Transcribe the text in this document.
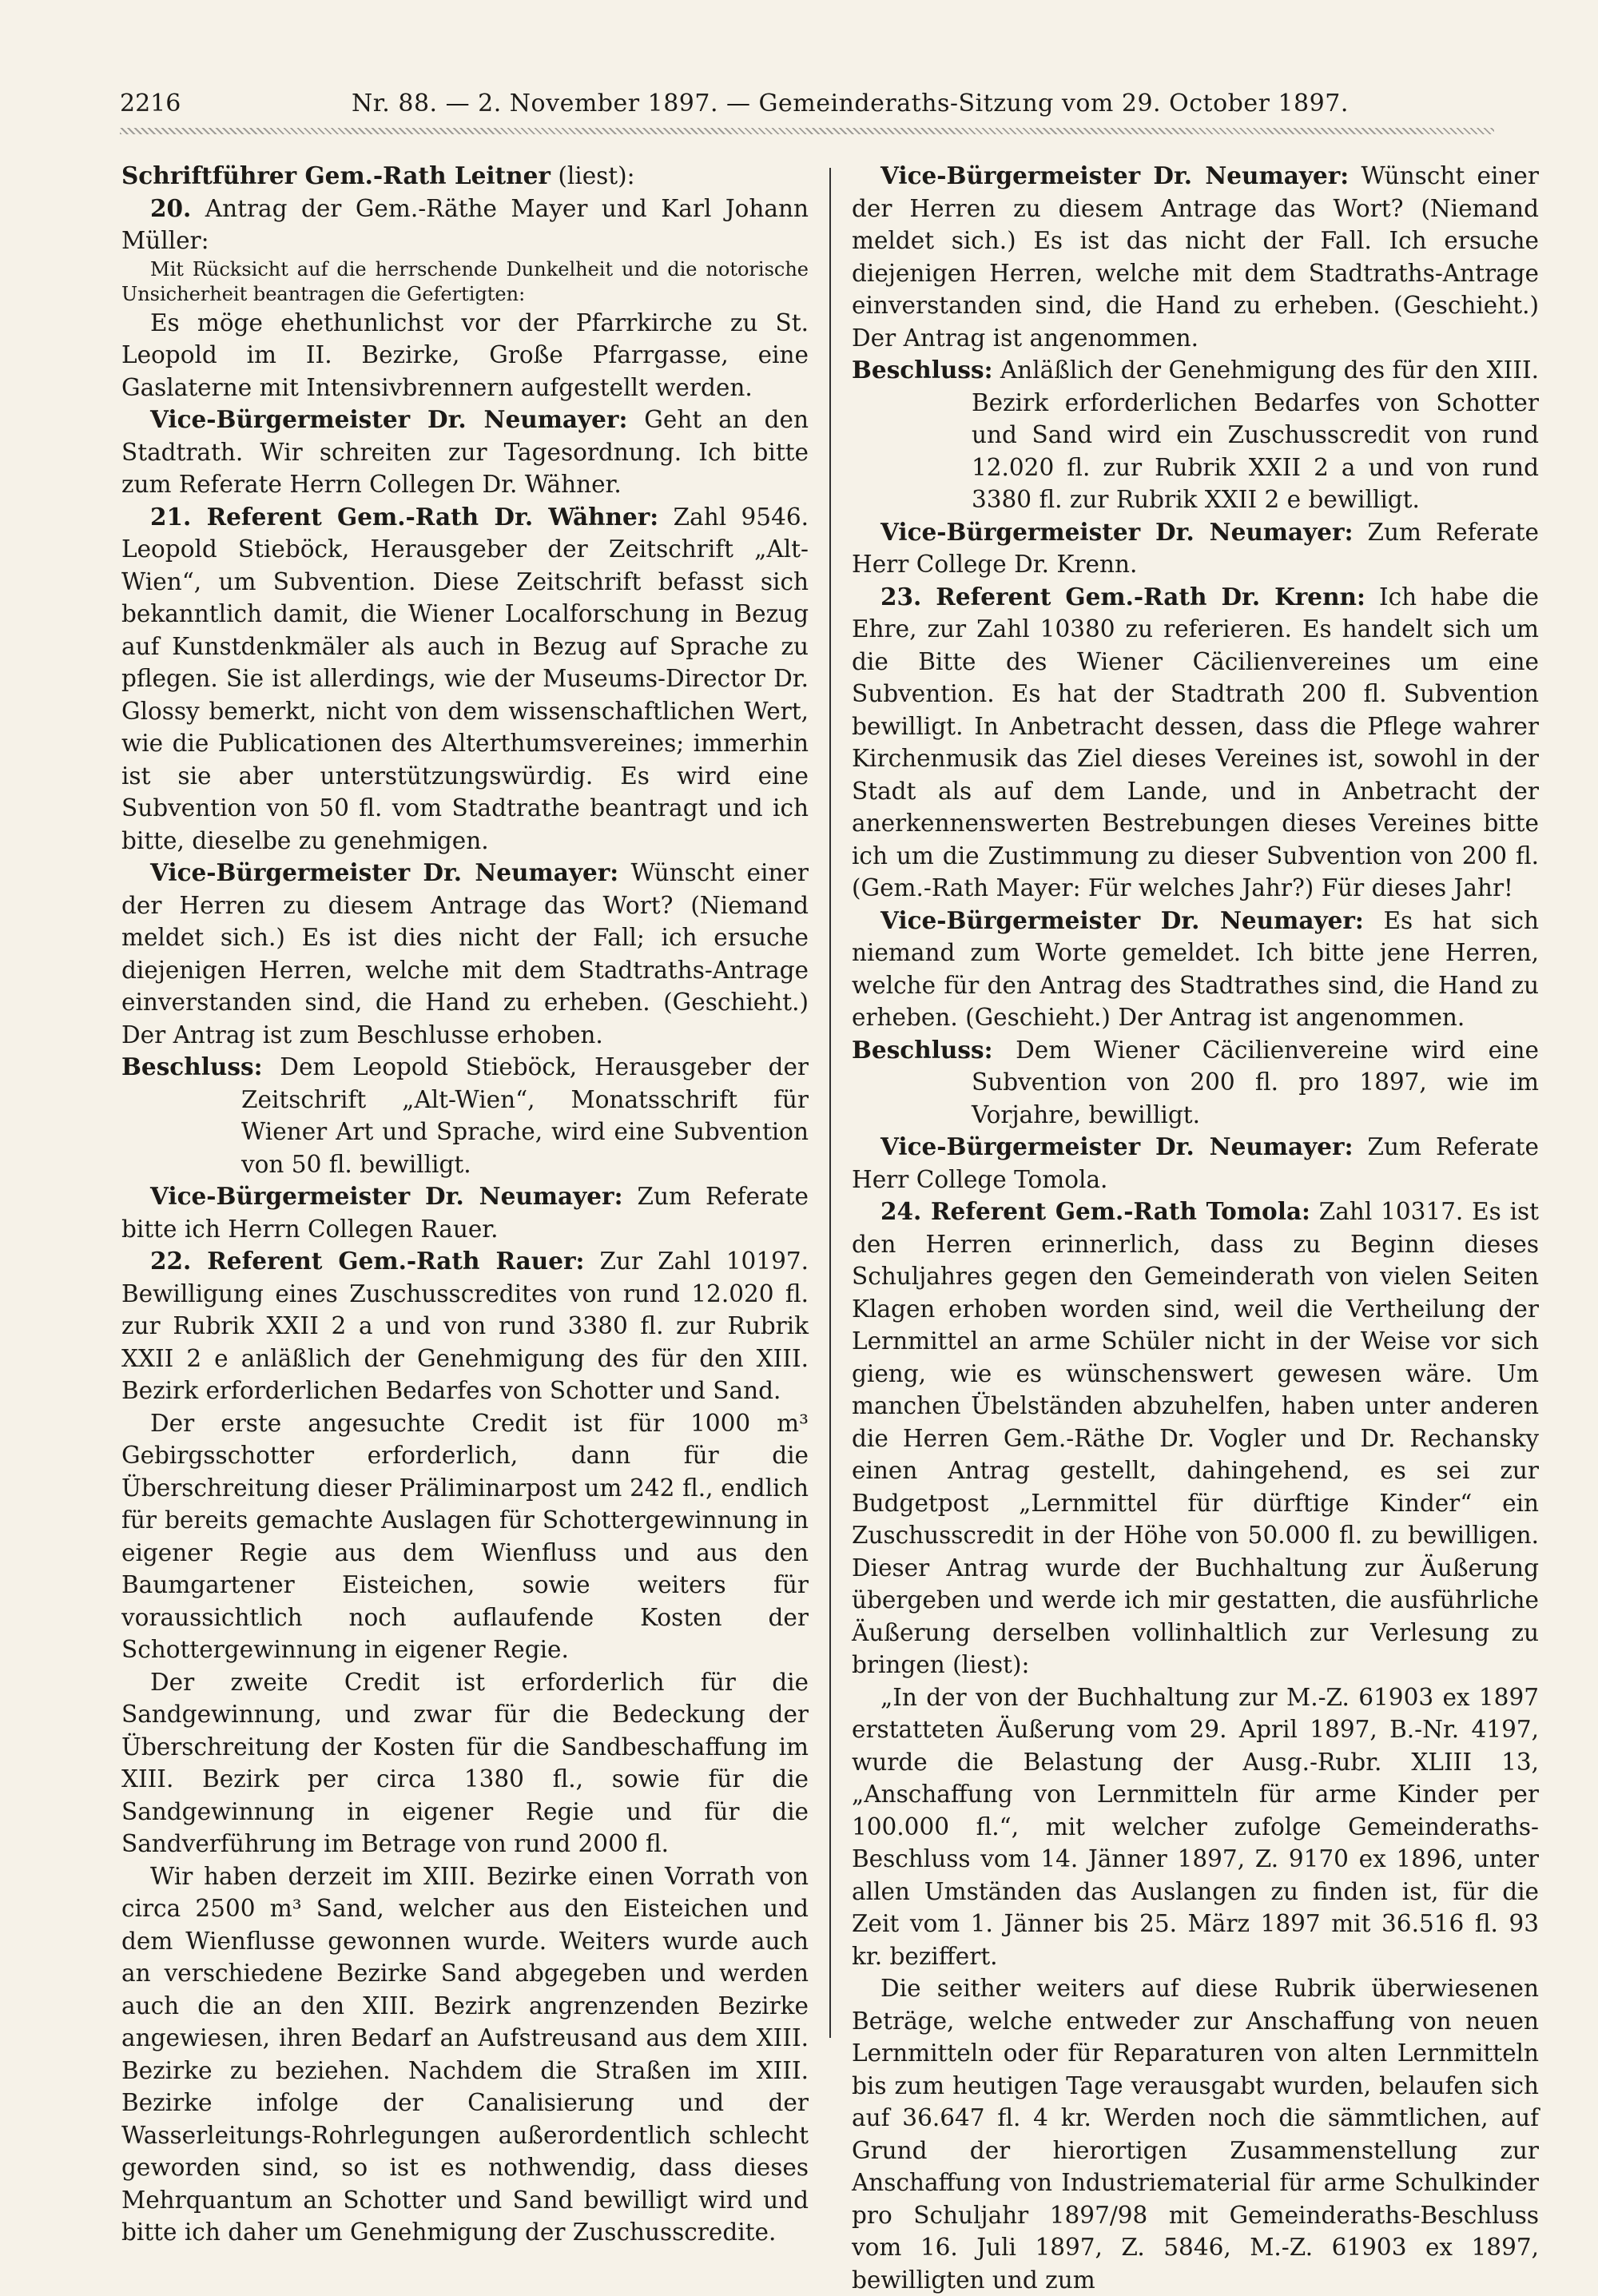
2216	Nr. 88. — 2. November 1897. — Gemeinderaths-Sitzung vom 29. October 1897.

Schriftführer Gem.-Rath Leitner (liest):

20. Antrag der Gem.-Räthe Mayer und Karl Johann Müller:

Mit Rücksicht auf die herrschende Dunkelheit und die notorische Unsicherheit beantragen die Gefertigten:

Es möge ehethunlichst vor der Pfarrkirche zu St. Leopold im II. Bezirke, Große Pfarrgasse, eine Gaslaterne mit Intensivbrennern aufgestellt werden.

Vice-Bürgermeister Dr. Neumayer: Geht an den Stadtrath. Wir schreiten zur Tagesordnung. Ich bitte zum Referate Herrn Collegen Dr. Wähner.

21. Referent Gem.-Rath Dr. Wähner: Zahl 9546. Leopold Stieböck, Herausgeber der Zeitschrift „Alt-Wien“, um Subvention. Diese Zeitschrift befasst sich bekanntlich damit, die Wiener Localforschung in Bezug auf Kunstdenkmäler als auch in Bezug auf Sprache zu pflegen. Sie ist allerdings, wie der Museums-Director Dr. Glossy bemerkt, nicht von dem wissenschaftlichen Wert, wie die Publicationen des Alterthumsvereines; immerhin ist sie aber unterstützungswürdig. Es wird eine Subvention von 50 fl. vom Stadtrathe beantragt und ich bitte, dieselbe zu genehmigen.

Vice-Bürgermeister Dr. Neumayer: Wünscht einer der Herren zu diesem Antrage das Wort? (Niemand meldet sich.) Es ist dies nicht der Fall; ich ersuche diejenigen Herren, welche mit dem Stadtraths-Antrage einverstanden sind, die Hand zu erheben. (Geschieht.) Der Antrag ist zum Beschlusse erhoben.

Beschluss: Dem Leopold Stieböck, Herausgeber der Zeitschrift „Alt-Wien“, Monatsschrift für Wiener Art und Sprache, wird eine Subvention von 50 fl. bewilligt.

Vice-Bürgermeister Dr. Neumayer: Zum Referate bitte ich Herrn Collegen Rauer.

22. Referent Gem.-Rath Rauer: Zur Zahl 10197. Bewilligung eines Zuschusscredites von rund 12.020 fl. zur Rubrik XXII 2 a und von rund 3380 fl. zur Rubrik XXII 2 e anläßlich der Genehmigung des für den XIII. Bezirk erforderlichen Bedarfes von Schotter und Sand.

Der erste angesuchte Credit ist für 1000 m³ Gebirgsschotter erforderlich, dann für die Überschreitung dieser Präliminarpost um 242 fl., endlich für bereits gemachte Auslagen für Schottergewinnung in eigener Regie aus dem Wienfluss und aus den Baumgartener Eisteichen, sowie weiters für voraussichtlich noch auflaufende Kosten der Schottergewinnung in eigener Regie.

Der zweite Credit ist erforderlich für die Sandgewinnung, und zwar für die Bedeckung der Überschreitung der Kosten für die Sandbeschaffung im XIII. Bezirk per circa 1380 fl., sowie für die Sandgewinnung in eigener Regie und für die Sandverführung im Betrage von rund 2000 fl.

Wir haben derzeit im XIII. Bezirke einen Vorrath von circa 2500 m³ Sand, welcher aus den Eisteichen und dem Wienflusse gewonnen wurde. Weiters wurde auch an verschiedene Bezirke Sand abgegeben und werden auch die an den XIII. Bezirk angrenzenden Bezirke angewiesen, ihren Bedarf an Aufstreusand aus dem XIII. Bezirke zu beziehen. Nachdem die Straßen im XIII. Bezirke infolge der Canalisierung und der Wasserleitungs-Rohrlegungen außerordentlich schlecht geworden sind, so ist es nothwendig, dass dieses Mehrquantum an Schotter und Sand bewilligt wird und bitte ich daher um Genehmigung der Zuschusscredite.

Vice-Bürgermeister Dr. Neumayer: Wünscht einer der Herren zu diesem Antrage das Wort? (Niemand meldet sich.) Es ist das nicht der Fall. Ich ersuche diejenigen Herren, welche mit dem Stadtraths-Antrage einverstanden sind, die Hand zu erheben. (Geschieht.) Der Antrag ist angenommen.

Beschluss: Anläßlich der Genehmigung des für den XIII. Bezirk erforderlichen Bedarfes von Schotter und Sand wird ein Zuschusscredit von rund 12.020 fl. zur Rubrik XXII 2 a und von rund 3380 fl. zur Rubrik XXII 2 e bewilligt.

Vice-Bürgermeister Dr. Neumayer: Zum Referate Herr College Dr. Krenn.

23. Referent Gem.-Rath Dr. Krenn: Ich habe die Ehre, zur Zahl 10380 zu referieren. Es handelt sich um die Bitte des Wiener Cäcilienvereines um eine Subvention. Es hat der Stadtrath 200 fl. Subvention bewilligt. In Anbetracht dessen, dass die Pflege wahrer Kirchenmusik das Ziel dieses Vereines ist, sowohl in der Stadt als auf dem Lande, und in Anbetracht der anerkennenswerten Bestrebungen dieses Vereines bitte ich um die Zustimmung zu dieser Subvention von 200 fl. (Gem.-Rath Mayer: Für welches Jahr?) Für dieses Jahr!

Vice-Bürgermeister Dr. Neumayer: Es hat sich niemand zum Worte gemeldet. Ich bitte jene Herren, welche für den Antrag des Stadtrathes sind, die Hand zu erheben. (Geschieht.) Der Antrag ist angenommen.

Beschluss: Dem Wiener Cäcilienvereine wird eine Subvention von 200 fl. pro 1897, wie im Vorjahre, bewilligt.

Vice-Bürgermeister Dr. Neumayer: Zum Referate Herr College Tomola.

24. Referent Gem.-Rath Tomola: Zahl 10317. Es ist den Herren erinnerlich, dass zu Beginn dieses Schuljahres gegen den Gemeinderath von vielen Seiten Klagen erhoben worden sind, weil die Vertheilung der Lernmittel an arme Schüler nicht in der Weise vor sich gieng, wie es wünschenswert gewesen wäre. Um manchen Übelständen abzuhelfen, haben unter anderen die Herren Gem.-Räthe Dr. Vogler und Dr. Rechansky einen Antrag gestellt, dahingehend, es sei zur Budgetpost „Lernmittel für dürftige Kinder“ ein Zuschusscredit in der Höhe von 50.000 fl. zu bewilligen. Dieser Antrag wurde der Buchhaltung zur Äußerung übergeben und werde ich mir gestatten, die ausführliche Äußerung derselben vollinhaltlich zur Verlesung zu bringen (liest):

„In der von der Buchhaltung zur M.-Z. 61903 ex 1897 erstatteten Äußerung vom 29. April 1897, B.-Nr. 4197, wurde die Belastung der Ausg.-Rubr. XLIII 13, „Anschaffung von Lernmitteln für arme Kinder per 100.000 fl.“, mit welcher zufolge Gemeinderaths-Beschluss vom 14. Jänner 1897, Z. 9170 ex 1896, unter allen Umständen das Auslangen zu finden ist, für die Zeit vom 1. Jänner bis 25. März 1897 mit 36.516 fl. 93 kr. beziffert.

Die seither weiters auf diese Rubrik überwiesenen Beträge, welche entweder zur Anschaffung von neuen Lernmitteln oder für Reparaturen von alten Lernmitteln bis zum heutigen Tage verausgabt wurden, belaufen sich auf 36.647 fl. 4 kr. Werden noch die sämmtlichen, auf Grund der hierortigen Zusammenstellung zur Anschaffung von Industriematerial für arme Schulkinder pro Schuljahr 1897/98 mit Gemeinderaths-Beschluss vom 16. Juli 1897, Z. 5846, M.-Z. 61903 ex 1897, bewilligten und zum
